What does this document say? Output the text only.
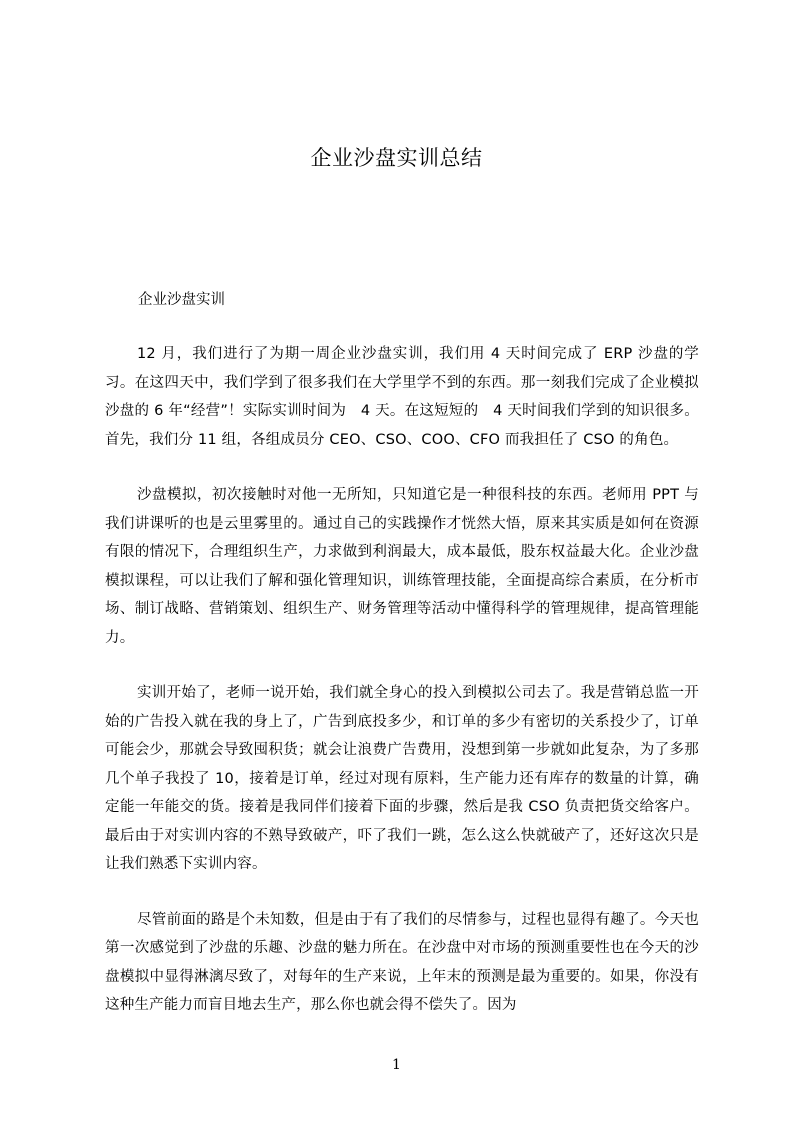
企业沙盘实训总结
企业沙盘实训

12 月，我们进行了为期一周企业沙盘实训，我们用 4 天时间完成了 ERP 沙盘的学习。在这四天中，我们学到了很多我们在大学里学不到的东西。那一刻我们完成了企业模拟沙盘的 6 年“经营”！实际实训时间为　4 天。在这短短的　4 天时间我们学到的知识很多。首先，我们分 11 组，各组成员分 CEO、CSO、COO、CFO 而我担任了 CSO 的角色。

沙盘模拟，初次接触时对他一无所知，只知道它是一种很科技的东西。老师用 PPT 与我们讲课听的也是云里雾里的。通过自己的实践操作才恍然大悟，原来其实质是如何在资源有限的情况下，合理组织生产，力求做到利润最大，成本最低，股东权益最大化。企业沙盘模拟课程，可以让我们了解和强化管理知识，训练管理技能，全面提高综合素质，在分析市场、制订战略、营销策划、组织生产、财务管理等活动中懂得科学的管理规律，提高管理能力。

实训开始了，老师一说开始，我们就全身心的投入到模拟公司去了。我是营销总监一开始的广告投入就在我的身上了，广告到底投多少，和订单的多少有密切的关系投少了，订单可能会少，那就会导致囤积货；就会让浪费广告费用，没想到第一步就如此复杂，为了多那几个单子我投了 10，接着是订单，经过对现有原料，生产能力还有库存的数量的计算，确定能一年能交的货。接着是我同伴们接着下面的步骤，然后是我 CSO 负责把货交给客户。最后由于对实训内容的不熟导致破产，吓了我们一跳，怎么这么快就破产了，还好这次只是让我们熟悉下实训内容。

尽管前面的路是个未知数，但是由于有了我们的尽情参与，过程也显得有趣了。今天也第一次感觉到了沙盘的乐趣、沙盘的魅力所在。在沙盘中对市场的预测重要性也在今天的沙盘模拟中显得淋漓尽致了，对每年的生产来说，上年末的预测是最为重要的。如果，你没有这种生产能力而盲目地去生产，那么你也就会得不偿失了。因为

1
